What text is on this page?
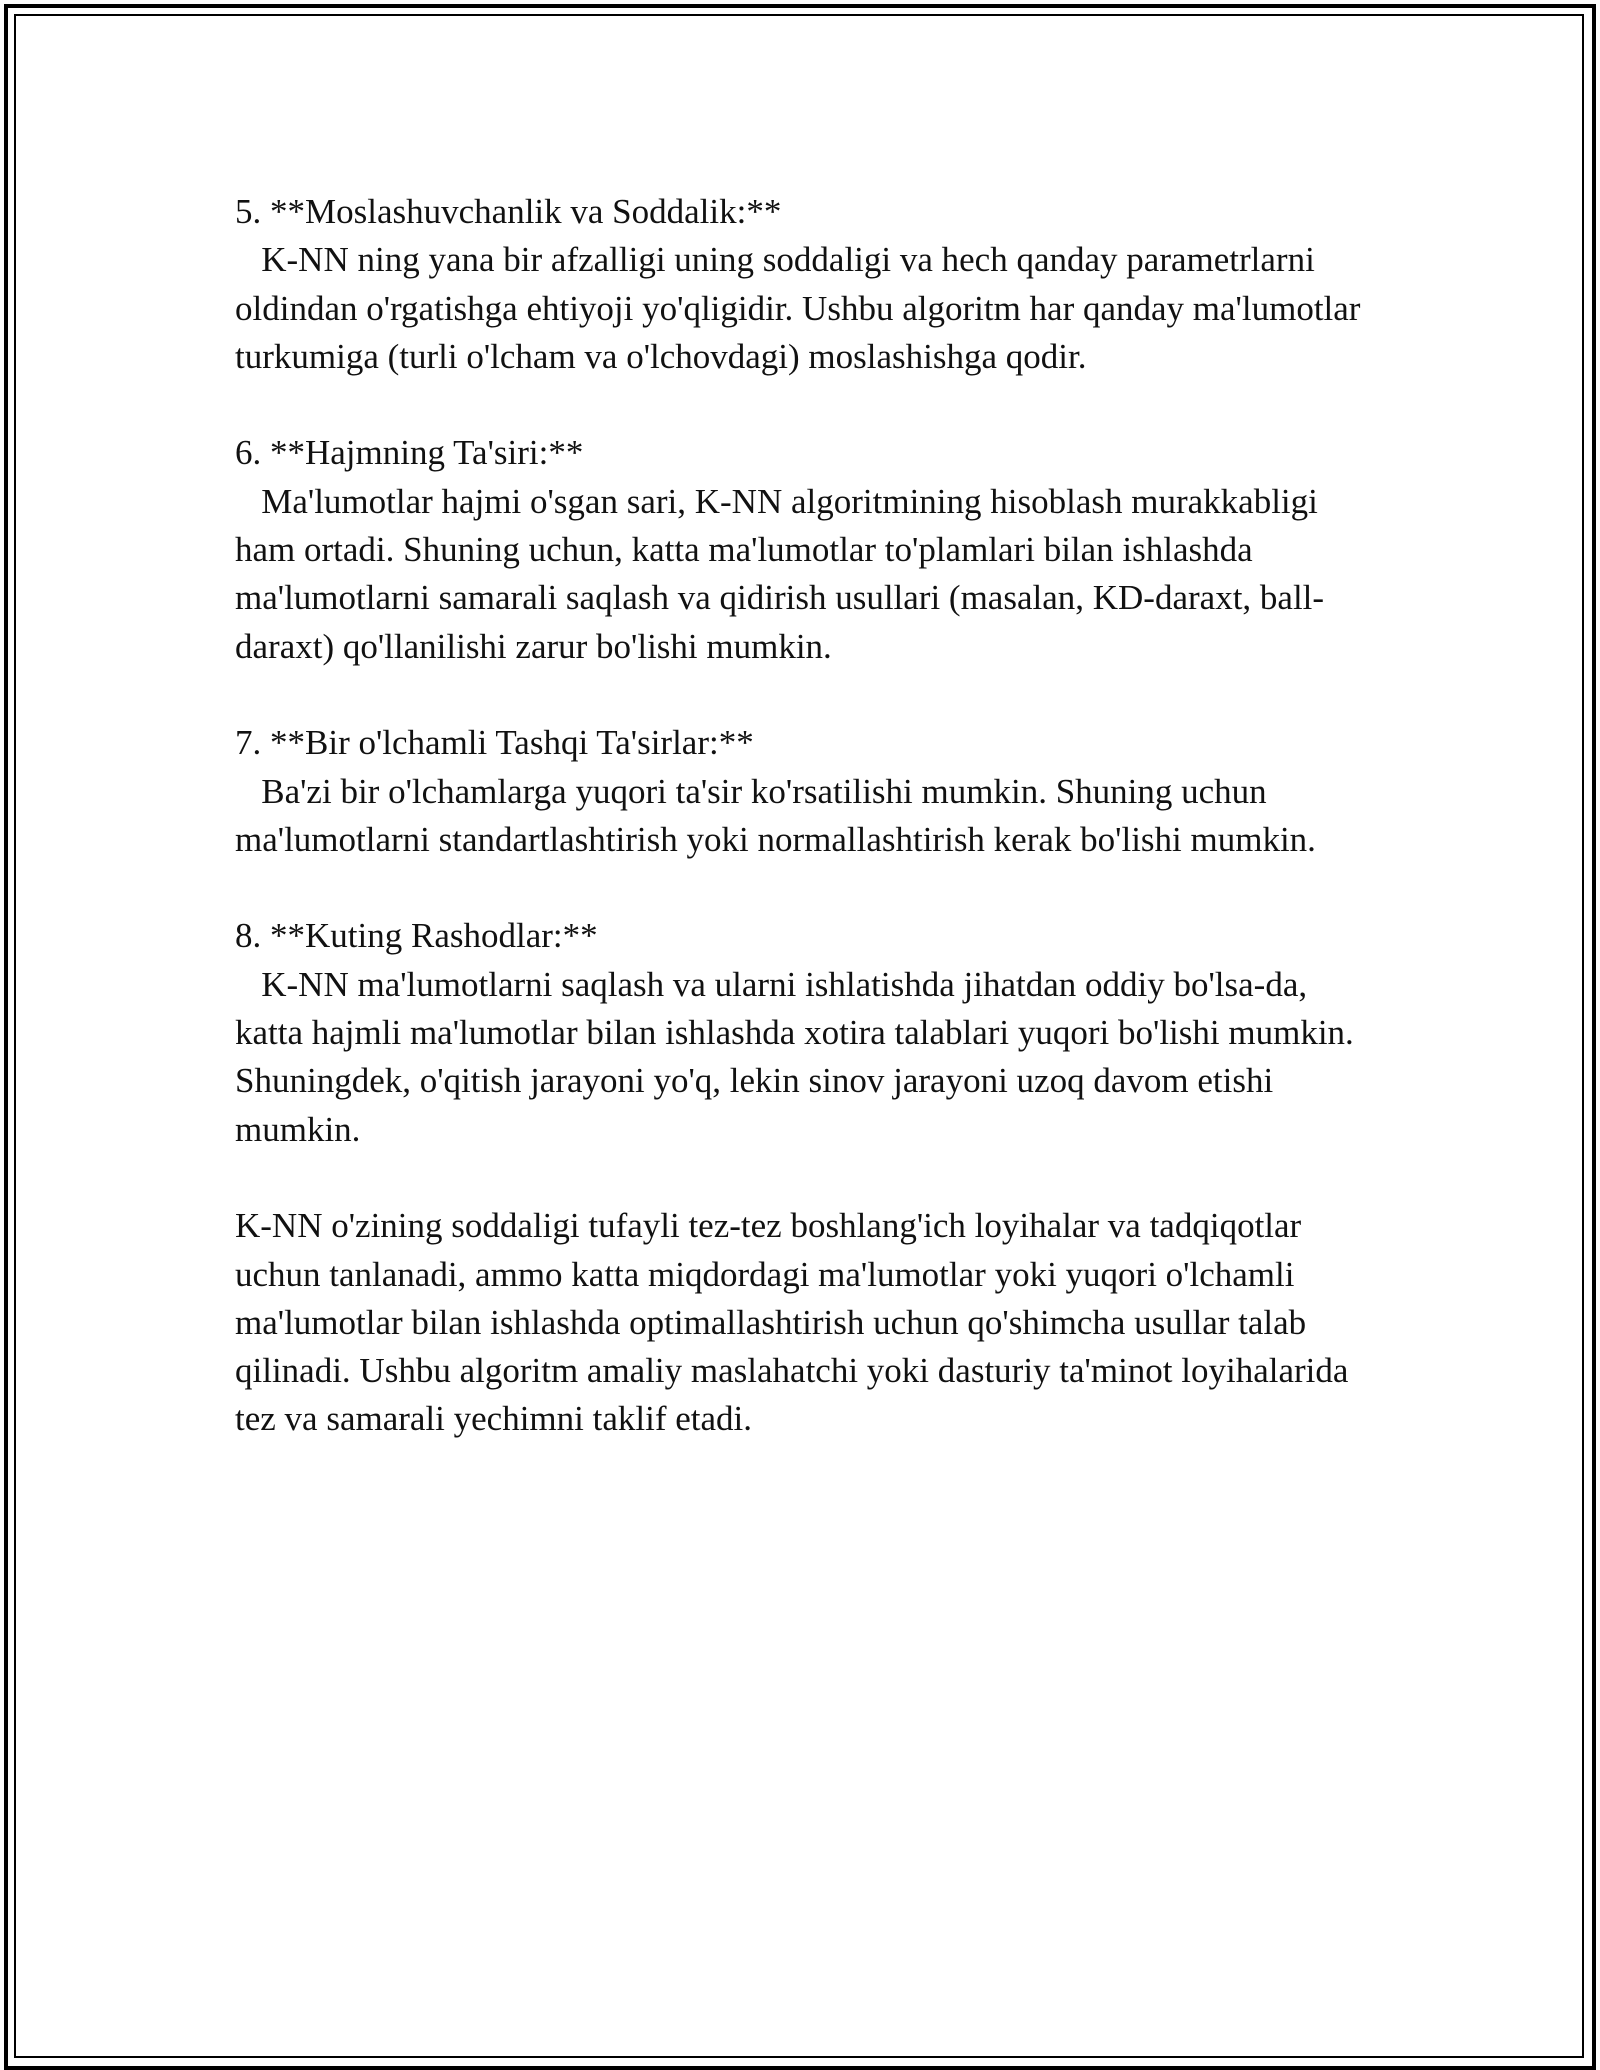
5. **Moslashuvchanlik va Soddalik:**
K-NN ning yana bir afzalligi uning soddaligi va hech qanday parametrlarni oldindan o'rgatishga ehtiyoji yo'qligidir. Ushbu algoritm har qanday ma'lumotlar turkumiga (turli o'lcham va o'lchovdagi) moslashishga qodir.
6. **Hajmning Ta'siri:**
Ma'lumotlar hajmi o'sgan sari, K-NN algoritmining hisoblash murakkabligi ham ortadi. Shuning uchun, katta ma'lumotlar to'plamlari bilan ishlashda ma'lumotlarni samarali saqlash va qidirish usullari (masalan, KD-daraxt, ball-daraxt) qo'llanilishi zarur bo'lishi mumkin.
7. **Bir o'lchamli Tashqi Ta'sirlar:**
Ba'zi bir o'lchamlarga yuqori ta'sir ko'rsatilishi mumkin. Shuning uchun ma'lumotlarni standartlashtirish yoki normallashtirish kerak bo'lishi mumkin.
8. **Kuting Rashodlar:**
K-NN ma'lumotlarni saqlash va ularni ishlatishda jihatdan oddiy bo'lsa-da, katta hajmli ma'lumotlar bilan ishlashda xotira talablari yuqori bo'lishi mumkin. Shuningdek, o'qitish jarayoni yo'q, lekin sinov jarayoni uzoq davom etishi mumkin.

K-NN o'zining soddaligi tufayli tez-tez boshlang'ich loyihalar va tadqiqotlar uchun tanlanadi, ammo katta miqdordagi ma'lumotlar yoki yuqori o'lchamli ma'lumotlar bilan ishlashda optimallashtirish uchun qo'shimcha usullar talab qilinadi. Ushbu algoritm amaliy maslahatchi yoki dasturiy ta'minot loyihalarida tez va samarali yechimni taklif etadi.
